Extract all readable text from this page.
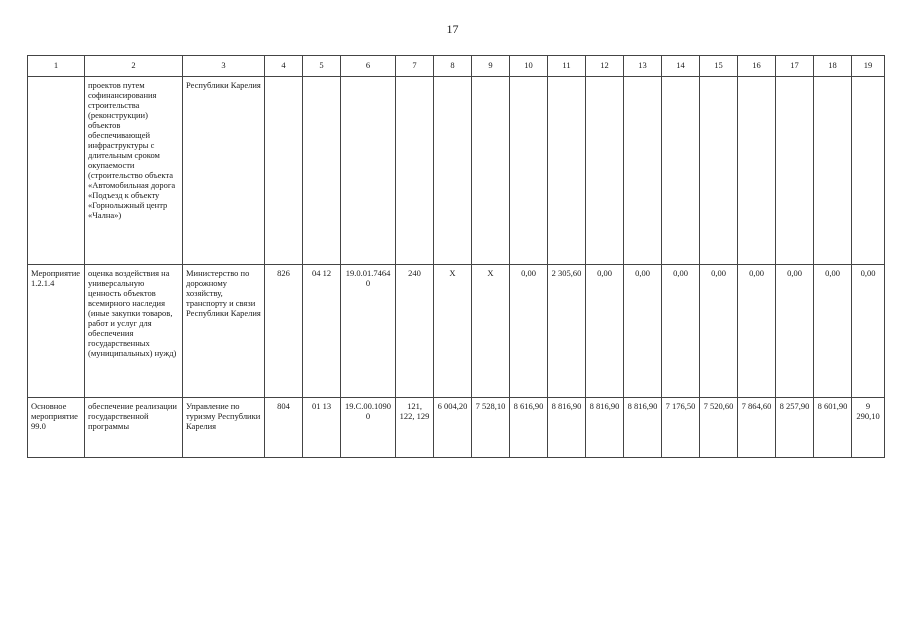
17
1	2	3	4	5	6	7	8	9	10	11	12	13	14	15	16	17	18	19
	проектов путем софинансирования строительства (реконструкции) объектов обеспечивающей инфраструктуры с длительным сроком окупаемости (строительство объекта «Автомобильная дорога «Подъезд к объекту «Горнолыжный центр «Чална»)	Республики Карелия																
Мероприятие 1.2.1.4	оценка воздействия на универсальную ценность объектов всемирного наследия (иные закупки товаров, работ и услуг для обеспечения государственных (муниципальных) нужд)	Министерство по дорожному хозяйству, транспорту и связи Республики Карелия	826	04 12	19.0.01.74640	240	X	X	0,00	2 305,60	0,00	0,00	0,00	0,00	0,00	0,00	0,00	0,00
Основное мероприятие 99.0	обеспечение реализации государственной программы	Управление по туризму Республики Карелия	804	01 13	19.С.00.10900	121, 122, 129	6 004,20	7 528,10	8 616,90	8 816,90	8 816,90	8 816,90	7 176,50	7 520,60	7 864,60	8 257,90	8 601,90	9 290,10
